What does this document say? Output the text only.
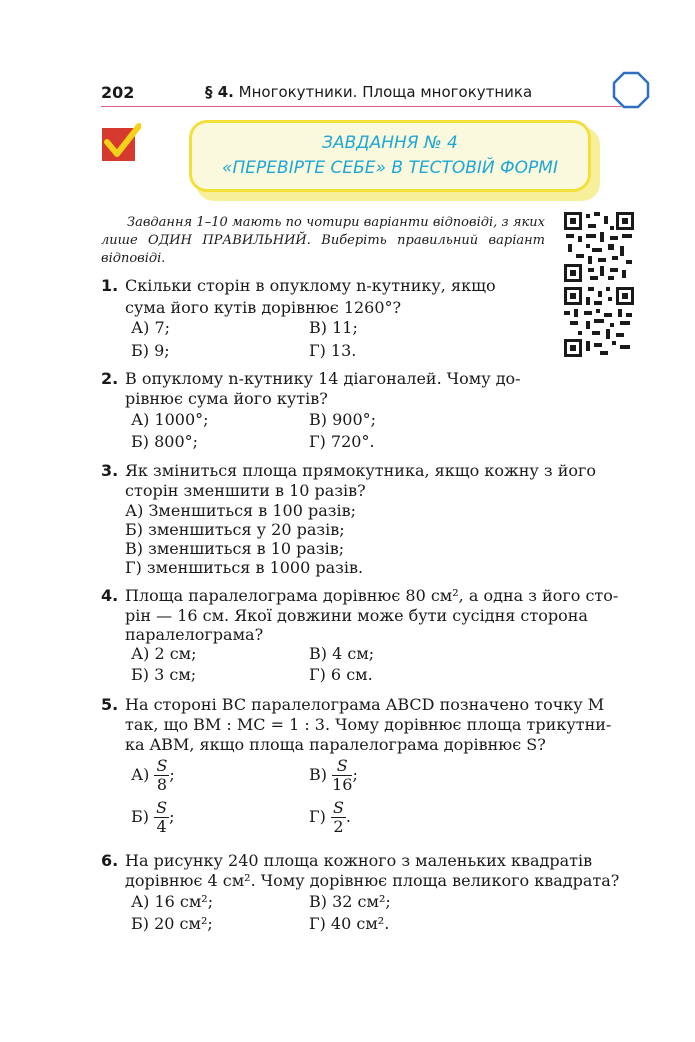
202	§ 4. Многокутники. Площа многокутника
ЗАВДАННЯ № 4
«ПЕРЕВІРТЕ СЕБЕ» В ТЕСТОВІЙ ФОРМІ
Завдання 1–10 мають по чотири варіанти відповіді, з яких лише ОДИН ПРАВИЛЬНИЙ. Виберіть правильний варіант відповіді.
1. Скільки сторін в опуклому n-кутнику, якщо
сума його кутів дорівнює 1260°?
А) 7;	В) 11;
Б) 9;	Г) 13.
2. В опуклому n-кутнику 14 діагоналей. Чому до-
рівнює сума його кутів?
А) 1000°;	В) 900°;
Б) 800°;	Г) 720°.
3. Як зміниться площа прямокутника, якщо кожну з його
сторін зменшити в 10 разів?
А) Зменшиться в 100 разів;
Б) зменшиться у 20 разів;
В) зменшиться в 10 разів;
Г) зменшиться в 1000 разів.
4. Площа паралелограма дорівнює 80 см², а одна з його сто-
рін — 16 см. Якої довжини може бути сусідня сторона
паралелограма?
А) 2 см;	В) 4 см;
Б) 3 см;	Г) 6 см.
5. На стороні BC паралелограма ABCD позначено точку M
так, що BM : MC = 1 : 3. Чому дорівнює площа трикутни-
ка ABM, якщо площа паралелограма дорівнює S?
$А) \frac{S}{8}$ ;	$В) \frac{S}{16}$ ;
$Б) \frac{S}{4}$ ;	$Г) \frac{S}{2}$ .
6. На рисунку 240 площа кожного з маленьких квадратів
дорівнює 4 см². Чому дорівнює площа великого квадрата?
А) 16 см²;	В) 32 см²;
Б) 20 см²;	Г) 40 см².
